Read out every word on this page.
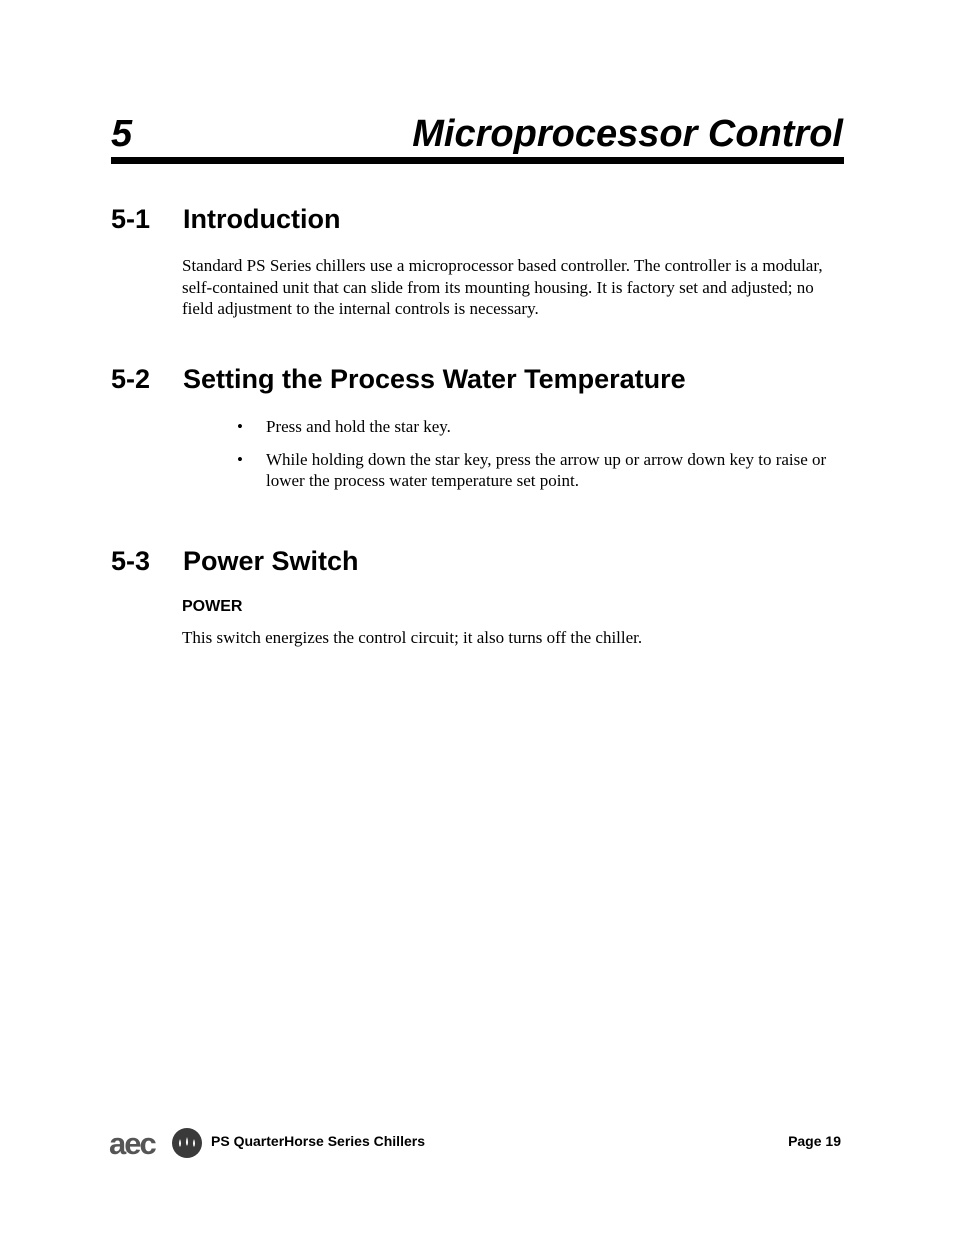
5	Microprocessor Control
5-1 Introduction
Standard PS Series chillers use a microprocessor based controller. The controller is a modular, self-contained unit that can slide from its mounting housing. It is factory set and adjusted; no field adjustment to the internal controls is necessary.
5-2 Setting the Process Water Temperature
• Press and hold the star key.
• While holding down the star key, press the arrow up or arrow down key to raise or lower the process water temperature set point.
5-3 Power Switch
POWER
This switch energizes the control circuit; it also turns off the chiller.
aec	PS QuarterHorse Series Chillers	Page 19
